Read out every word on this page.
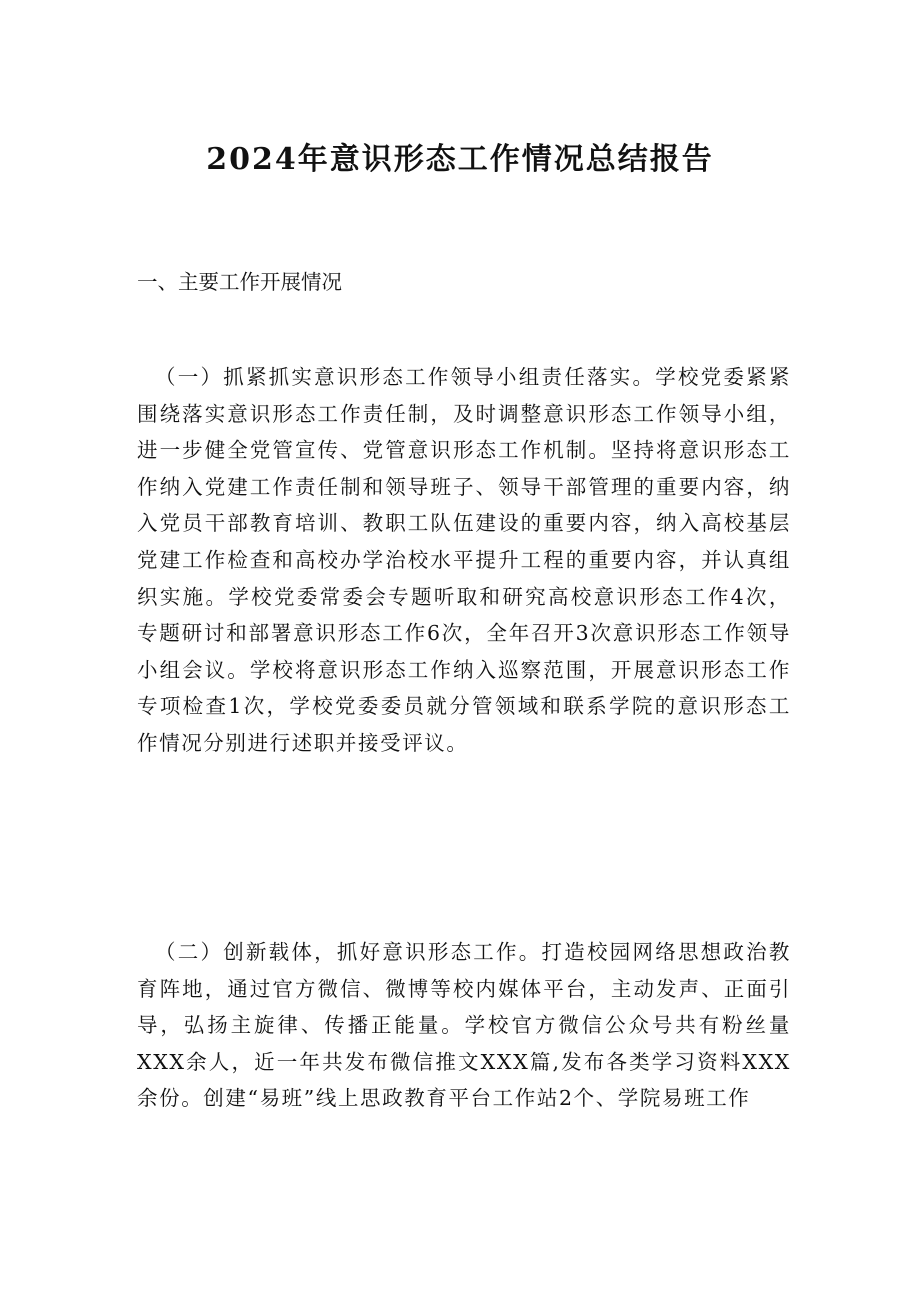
2024年意识形态工作情况总结报告
一、主要工作开展情况

（一）抓紧抓实意识形态工作领导小组责任落实。学校党委紧紧围绕落实意识形态工作责任制，及时调整意识形态工作领导小组，进一步健全党管宣传、党管意识形态工作机制。坚持将意识形态工作纳入党建工作责任制和领导班子、领导干部管理的重要内容，纳入党员干部教育培训、教职工队伍建设的重要内容，纳入高校基层党建工作检查和高校办学治校水平提升工程的重要内容，并认真组织实施。学校党委常委会专题听取和研究高校意识形态工作4次，专题研讨和部署意识形态工作6次，全年召开3次意识形态工作领导小组会议。学校将意识形态工作纳入巡察范围，开展意识形态工作专项检查1次，学校党委委员就分管领域和联系学院的意识形态工作情况分别进行述职并接受评议。

（二）创新载体，抓好意识形态工作。打造校园网络思想政治教育阵地，通过官方微信、微博等校内媒体平台，主动发声、正面引导，弘扬主旋律、传播正能量。学校官方微信公众号共有粉丝量XXX余人，近一年共发布微信推文XXX篇,发布各类学习资料XXX余份。创建“易班”线上思政教育平台工作站2个、学院易班工作
